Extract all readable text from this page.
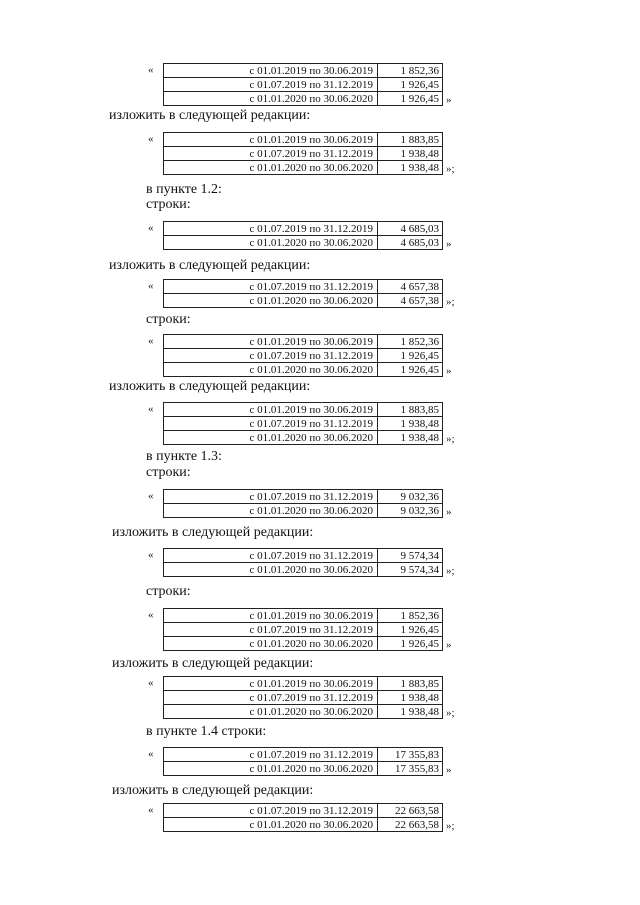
«	с 01.01.2019 по 30.06.2019	1 852,36
с 01.07.2019 по 31.12.2019	1 926,45
с 01.01.2020 по 30.06.2020	1 926,45 »
изложить в следующей редакции:
«	с 01.01.2019 по 30.06.2019	1 883,85
с 01.07.2019 по 31.12.2019	1 938,48
с 01.01.2020 по 30.06.2020	1 938,48 »;
в пункте 1.2:
строки:
«	с 01.07.2019 по 31.12.2019	4 685,03
с 01.01.2020 по 30.06.2020	4 685,03 »
изложить в следующей редакции:
«	с 01.07.2019 по 31.12.2019	4 657,38
с 01.01.2020 по 30.06.2020	4 657,38 »;
строки:
«	с 01.01.2019 по 30.06.2019	1 852,36
с 01.07.2019 по 31.12.2019	1 926,45
с 01.01.2020 по 30.06.2020	1 926,45 »
изложить в следующей редакции:
«	с 01.01.2019 по 30.06.2019	1 883,85
с 01.07.2019 по 31.12.2019	1 938,48
с 01.01.2020 по 30.06.2020	1 938,48 »;
в пункте 1.3:
строки:
«	с 01.07.2019 по 31.12.2019	9 032,36
с 01.01.2020 по 30.06.2020	9 032,36 »
изложить в следующей редакции:
«	с 01.07.2019 по 31.12.2019	9 574,34
с 01.01.2020 по 30.06.2020	9 574,34 »;
строки:
«	с 01.01.2019 по 30.06.2019	1 852,36
с 01.07.2019 по 31.12.2019	1 926,45
с 01.01.2020 по 30.06.2020	1 926,45 »
изложить в следующей редакции:
«	с 01.01.2019 по 30.06.2019	1 883,85
с 01.07.2019 по 31.12.2019	1 938,48
с 01.01.2020 по 30.06.2020	1 938,48 »;
в пункте 1.4 строки:
«	с 01.07.2019 по 31.12.2019	17 355,83
с 01.01.2020 по 30.06.2020	17 355,83 »
изложить в следующей редакции:
«	с 01.07.2019 по 31.12.2019	22 663,58
с 01.01.2020 по 30.06.2020	22 663,58 »;
